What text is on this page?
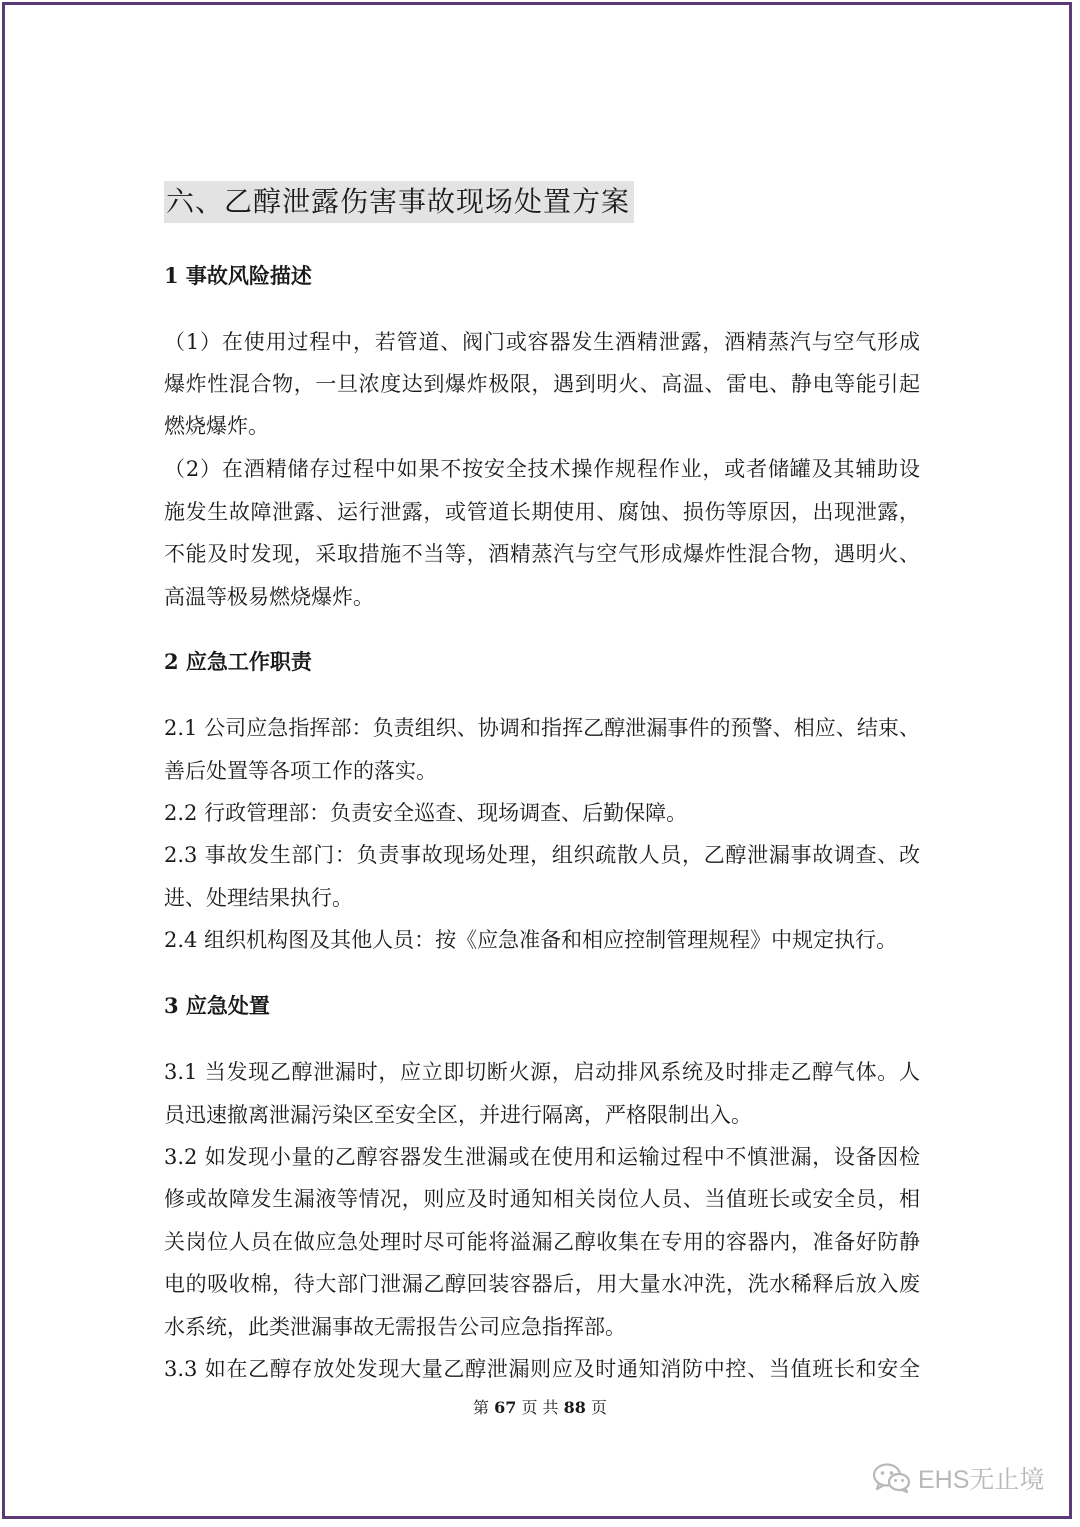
六、乙醇泄露伤害事故现场处置方案
1 事故风险描述
（1）在使用过程中，若管道、阀门或容器发生酒精泄露，酒精蒸汽与空气形成
爆炸性混合物，一旦浓度达到爆炸极限，遇到明火、高温、雷电、静电等能引起
燃烧爆炸。
（2）在酒精储存过程中如果不按安全技术操作规程作业，或者储罐及其辅助设
施发生故障泄露、运行泄露，或管道长期使用、腐蚀、损伤等原因，出现泄露，
不能及时发现，采取措施不当等，酒精蒸汽与空气形成爆炸性混合物，遇明火、
高温等极易燃烧爆炸。
2 应急工作职责
2.1 公司应急指挥部：负责组织、协调和指挥乙醇泄漏事件的预警、相应、结束、
善后处置等各项工作的落实。
2.2 行政管理部：负责安全巡查、现场调查、后勤保障。
2.3 事故发生部门：负责事故现场处理，组织疏散人员，乙醇泄漏事故调查、改
进、处理结果执行。
2.4 组织机构图及其他人员：按《应急准备和相应控制管理规程》中规定执行。
3 应急处置
3.1 当发现乙醇泄漏时，应立即切断火源，启动排风系统及时排走乙醇气体。人
员迅速撤离泄漏污染区至安全区，并进行隔离，严格限制出入。
3.2 如发现小量的乙醇容器发生泄漏或在使用和运输过程中不慎泄漏，设备因检
修或故障发生漏液等情况，则应及时通知相关岗位人员、当值班长或安全员，相
关岗位人员在做应急处理时尽可能将溢漏乙醇收集在专用的容器内，准备好防静
电的吸收棉，待大部门泄漏乙醇回装容器后，用大量水冲洗，洗水稀释后放入废
水系统，此类泄漏事故无需报告公司应急指挥部。
3.3 如在乙醇存放处发现大量乙醇泄漏则应及时通知消防中控、当值班长和安全
第 67 页 共 88 页
EHS无止境
